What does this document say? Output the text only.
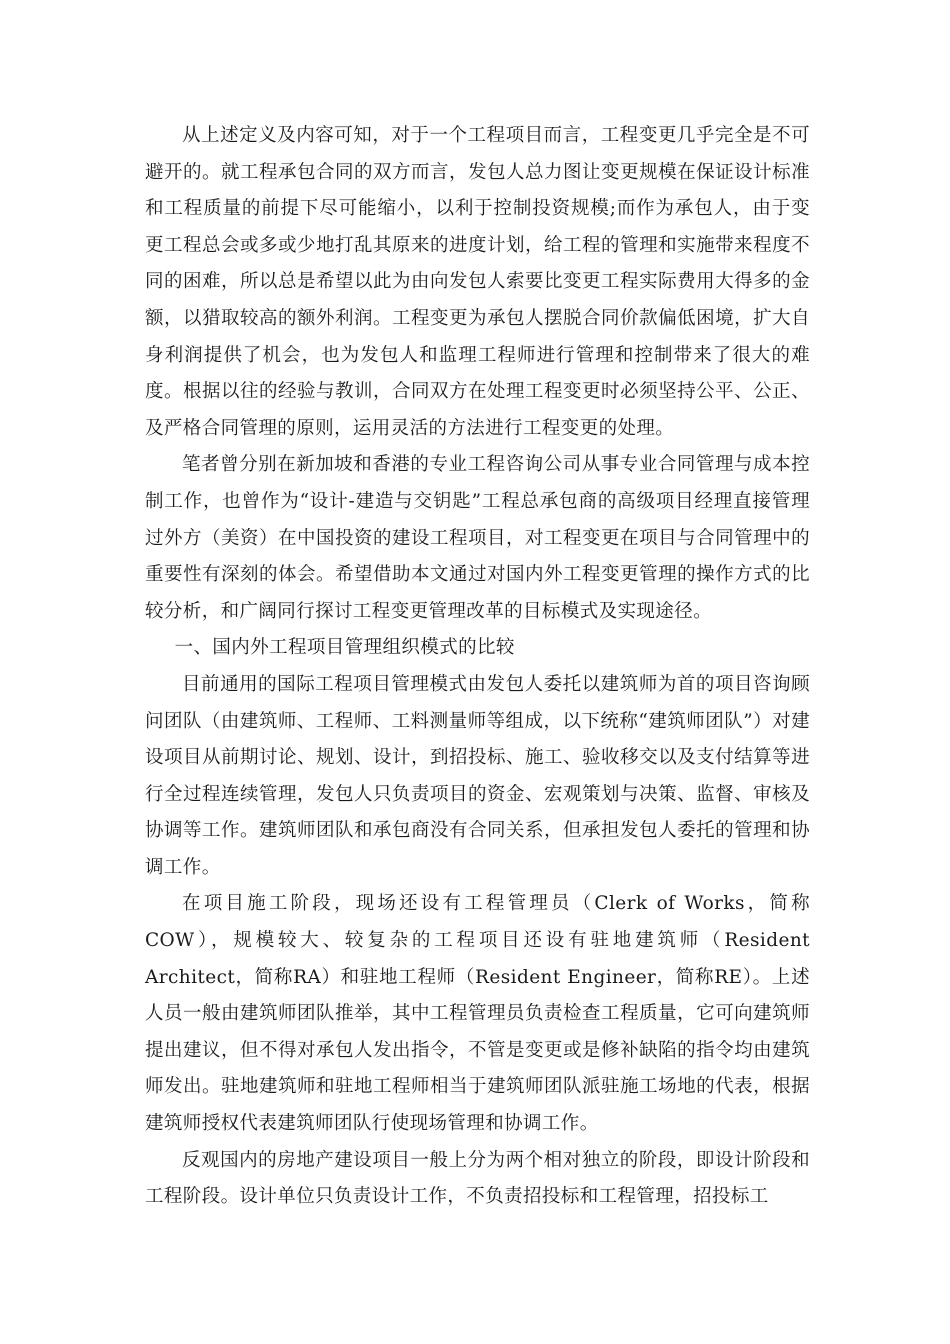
从上述定义及内容可知，对于一个工程项目而言，工程变更几乎完全是不可避开的。就工程承包合同的双方而言，发包人总力图让变更规模在保证设计标准和工程质量的前提下尽可能缩小，以利于控制投资规模;而作为承包人，由于变更工程总会或多或少地打乱其原来的进度计划，给工程的管理和实施带来程度不同的困难，所以总是希望以此为由向发包人索要比变更工程实际费用大得多的金额，以猎取较高的额外利润。工程变更为承包人摆脱合同价款偏低困境，扩大自身利润提供了机会，也为发包人和监理工程师进行管理和控制带来了很大的难度。根据以往的经验与教训，合同双方在处理工程变更时必须坚持公平、公正、及严格合同管理的原则，运用灵活的方法进行工程变更的处理。

笔者曾分别在新加坡和香港的专业工程咨询公司从事专业合同管理与成本控制工作，也曾作为“设计-建造与交钥匙”工程总承包商的高级项目经理直接管理过外方（美资）在中国投资的建设工程项目，对工程变更在项目与合同管理中的重要性有深刻的体会。希望借助本文通过对国内外工程变更管理的操作方式的比较分析，和广阔同行探讨工程变更管理改革的目标模式及实现途径。

一、国内外工程项目管理组织模式的比较

目前通用的国际工程项目管理模式由发包人委托以建筑师为首的项目咨询顾问团队（由建筑师、工程师、工料测量师等组成，以下统称“建筑师团队”）对建设项目从前期讨论、规划、设计，到招投标、施工、验收移交以及支付结算等进行全过程连续管理，发包人只负责项目的资金、宏观策划与决策、监督、审核及协调等工作。建筑师团队和承包商没有合同关系，但承担发包人委托的管理和协调工作。

在项目施工阶段，现场还设有工程管理员（Clerk of Works，简称COW），规模较大、较复杂的工程项目还设有驻地建筑师（Resident Architect，简称RA）和驻地工程师（Resident Engineer，简称RE）。上述人员一般由建筑师团队推举，其中工程管理员负责检查工程质量，它可向建筑师提出建议，但不得对承包人发出指令，不管是变更或是修补缺陷的指令均由建筑师发出。驻地建筑师和驻地工程师相当于建筑师团队派驻施工场地的代表，根据建筑师授权代表建筑师团队行使现场管理和协调工作。

反观国内的房地产建设项目一般上分为两个相对独立的阶段，即设计阶段和工程阶段。设计单位只负责设计工作，不负责招投标和工程管理，招投标工
